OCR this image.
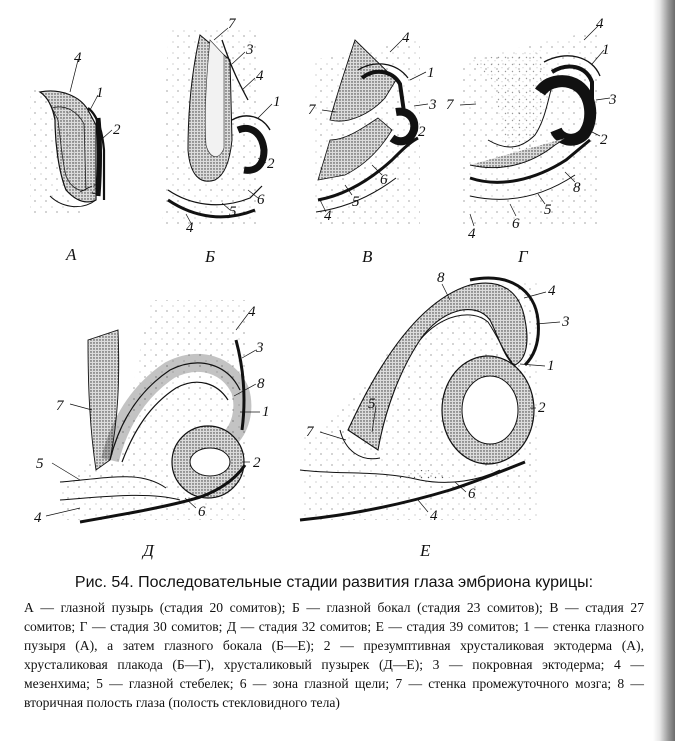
4
1
2
3
А
7
3
4
1
2
6
5
4
Б
4
1
3
7
2
6
5
4
В
4
1
3
7
2
8
5
6
4
Г
4
3
8
1
7
2
5
6
4
Д
8
4
3
1
5	2
7
6
4
Е

Рис. 54. Последовательные стадии развития глаза эмбриона курицы:

А — глазной пузырь (стадия 20 сомитов); Б — глазной бокал (стадия 23 сомитов); В — стадия 27 сомитов; Г — стадия 30 сомитов; Д — стадия 32 сомитов; Е — стадия 39 сомитов; 1 — стенка глазного пузыря (А), а затем глазного бокала (Б—Е); 2 — презумптивная хрусталиковая эктодерма (А), хрусталиковая плакода (Б—Г), хрусталиковый пузырек (Д—Е); 3 — покровная эктодерма; 4 — мезенхима; 5 — глазной стебелек; 6 — зона глазной щели; 7 — стенка промежуточного мозга; 8 — вторичная полость глаза (полость стекловидного тела)
